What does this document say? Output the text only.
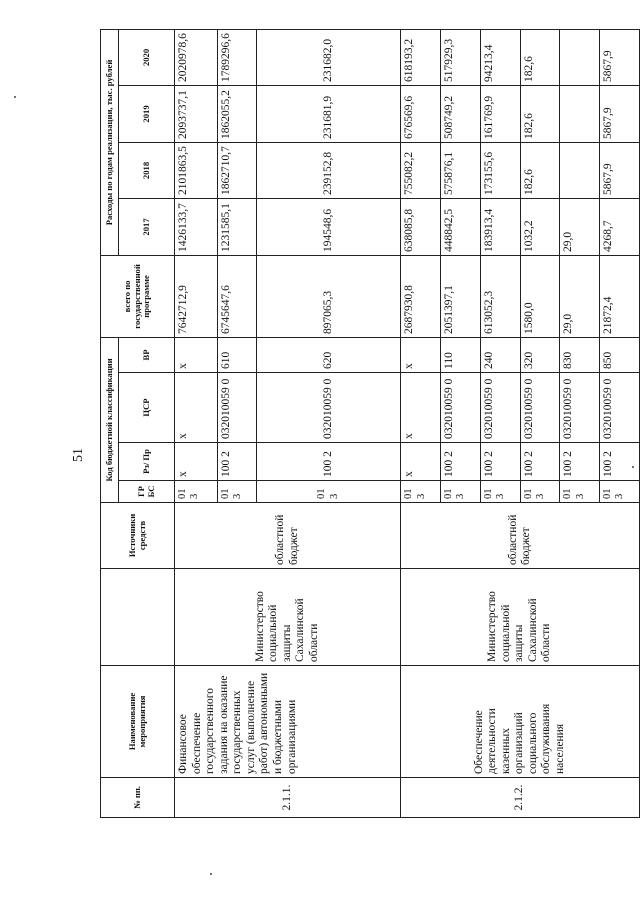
51
№ пп.	Наименование мероприятия		Источники средств	Код бюджетной классификации				всего по государственной программе	Расходы по годам реализации, тыс. рублей			
				ГР БС	Рз/ Пр	ЦСР	ВР		2017	2018	2019	2020
2.1.1.	Финансовое обеспечение государственного задания на оказание государственных услуг (выполнение работ) автономными и бюджетными организациями	Министерство социальной защиты Сахалинской области	областной бюджет	01 3	х	х	х	7642712,9	1426133,7	2101863,5	2093737,1	2020978,6
				01 3	100 2	032010059 0	610	6745647,6	1231585,1	1862710,7	1862055,2	1789296,6
				01 3	100 2	032010059 0	620	897065,3	194548,6	239152,8	231681,9	231682,0
2.1.2.	Обеспечение деятельности казенных организаций социального обслуживания населения	Министерство социальной защиты Сахалинской области	областной бюджет	01 3	х	х	х	2687930,8	638085,8	755082,2	676569,6	618193,2
				01 3	100 2	032010059 0	110	2051397,1	448842,5	575876,1	508749,2	517929,3
				01 3	100 2	032010059 0	240	613052,3	183913,4	173155,6	161769,9	94213,4
				01 3	100 2	032010059 0	320	1580,0	1032,2	182,6	182,6	182,6
				01 3	100 2	032010059 0	830	29,0	29,0			
				01 3	100 2	032010059 0	850	21872,4	4268,7	5867,9	5867,9	5867,9
